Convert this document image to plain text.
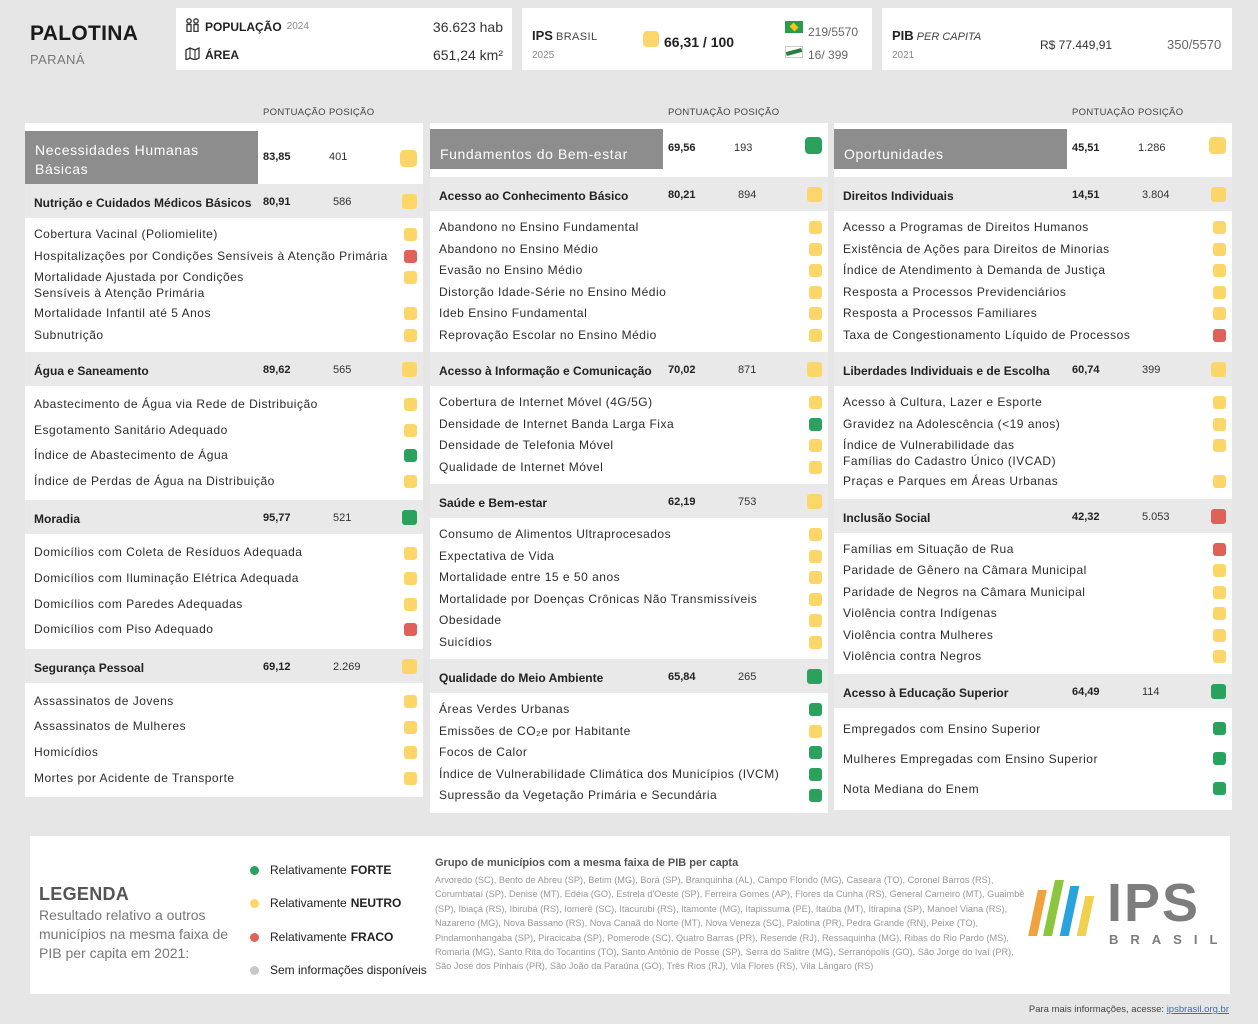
PALOTINA
PARANÁ
POPULAÇÃO 2024	36.623 hab
ÁREA	651,24 km²
IPS BRASIL
2025
66,31 / 100
219/5570
16/ 399
PIB PER CAPITA
2021
R$ 77.449,91	350/5570
PONTUAÇÃO POSIÇÃO
Necessidades Humanas Básicas
83,85	401
Nutrição e Cuidados Médicos Básicos 80,91	586
Cobertura Vacinal (Poliomielite)
Hospitalizações por Condições Sensíveis à Atenção Primária
Mortalidade Ajustada por Condições
Sensíveis à Atenção Primária
Mortalidade Infantil até 5 Anos
Subnutrição
Água e Saneamento	89,62	565
Abastecimento de Água via Rede de Distribuição
Esgotamento Sanitário Adequado
Índice de Abastecimento de Água
Índice de Perdas de Água na Distribuição
Moradia	95,77	521
Domicílios com Coleta de Resíduos Adequada
Domicílios com Iluminação Elétrica Adequada
Domicílios com Paredes Adequadas
Domicílios com Piso Adequado
Segurança Pessoal	69,12	2.269
Assassinatos de Jovens
Assassinatos de Mulheres
Homicídios
Mortes por Acidente de Transporte
PONTUAÇÃO POSIÇÃO
Fundamentos do Bem-estar	69,56	193
Acesso ao Conhecimento Básico	80,21	894
Abandono no Ensino Fundamental
Abandono no Ensino Médio
Evasão no Ensino Médio
Distorção Idade-Série no Ensino Médio
Ideb Ensino Fundamental
Reprovação Escolar no Ensino Médio
Acesso à Informação e Comunicação 70,02	871
Cobertura de Internet Móvel (4G/5G)
Densidade de Internet Banda Larga Fixa
Densidade de Telefonia Móvel
Qualidade de Internet Móvel
Saúde e Bem-estar	62,19	753
Consumo de Alimentos Ultraprocesados
Expectativa de Vida
Mortalidade entre 15 e 50 anos
Mortalidade por Doenças Crônicas Não Transmissíveis
Obesidade
Suicídios
Qualidade do Meio Ambiente	65,84	265
Áreas Verdes Urbanas
Emissões de CO₂e por Habitante
Focos de Calor
Índice de Vulnerabilidade Climática dos Municípios (IVCM)
Supressão da Vegetação Primária e Secundária
PONTUAÇÃO POSIÇÃO
Oportunidades	45,51	1.286
Direitos Individuais	14,51	3.804
Acesso a Programas de Direitos Humanos
Existência de Ações para Direitos de Minorias
Índice de Atendimento à Demanda de Justiça
Resposta a Processos Previdenciários
Resposta a Processos Familiares
Taxa de Congestionamento Líquido de Processos
Liberdades Individuais e de Escolha 60,74	399
Acesso à Cultura, Lazer e Esporte
Gravidez na Adolescência (<19 anos)
Índice de Vulnerabilidade das
Famílias do Cadastro Único (IVCAD)
Praças e Parques em Áreas Urbanas
Inclusão Social	42,32	5.053
Famílias em Situação de Rua
Paridade de Gênero na Câmara Municipal
Paridade de Negros na Câmara Municipal
Violência contra Indígenas
Violência contra Mulheres
Violência contra Negros
Acesso à Educação Superior	64,49	114
Empregados com Ensino Superior
Mulheres Empregadas com Ensino Superior
Nota Mediana do Enem
LEGENDA
Resultado relativo a outros municípios na mesma faixa de PIB per capita em 2021:
Relativamente FORTE
Relativamente NEUTRO
Relativamente FRACO
Sem informações disponíveis
Grupo de municípios com a mesma faixa de PIB per capta
Arvoredo (SC), Bento de Abreu (SP), Betim (MG), Borá (SP), Branquinha (AL), Campo Florido (MG), Caseara (TO), Coronel Barros (RS), Corumbataí (SP), Denise (MT), Edéia (GO), Estrela d'Oeste (SP), Ferreira Gomes (AP), Flores da Cunha (RS), General Carneiro (MT), Guaimbê (SP), Ibiaçá (RS), Ibirubá (RS), Iomerê (SC), Itacurubi (RS), Itamonte (MG), Itapissuma (PE), Itaúba (MT), Itirapina (SP), Manoel Viana (RS), Nazareno (MG), Nova Bassano (RS), Nova Canaã do Norte (MT), Nova Veneza (SC), Palotina (PR), Pedra Grande (RN), Peixe (TO), Pindamonhangaba (SP), Piracicaba (SP), Pomerode (SC), Quatro Barras (PR), Resende (RJ), Ressaquinha (MG), Ribas do Rio Pardo (MS), Romaria (MG), Santo Rita do Tocantins (TO), Santo Antônio de Posse (SP), Serra do Salitre (MG), Serranópolis (GO), São Jorge do Ivaí (PR), São José dos Pinhais (PR), São João da Paraúna (GO), Três Rios (RJ), Vila Flores (RS), Vila Lângaro (RS)
IPS
BRASIL
Para mais informações, acesse: ipsbrasil.org.br
